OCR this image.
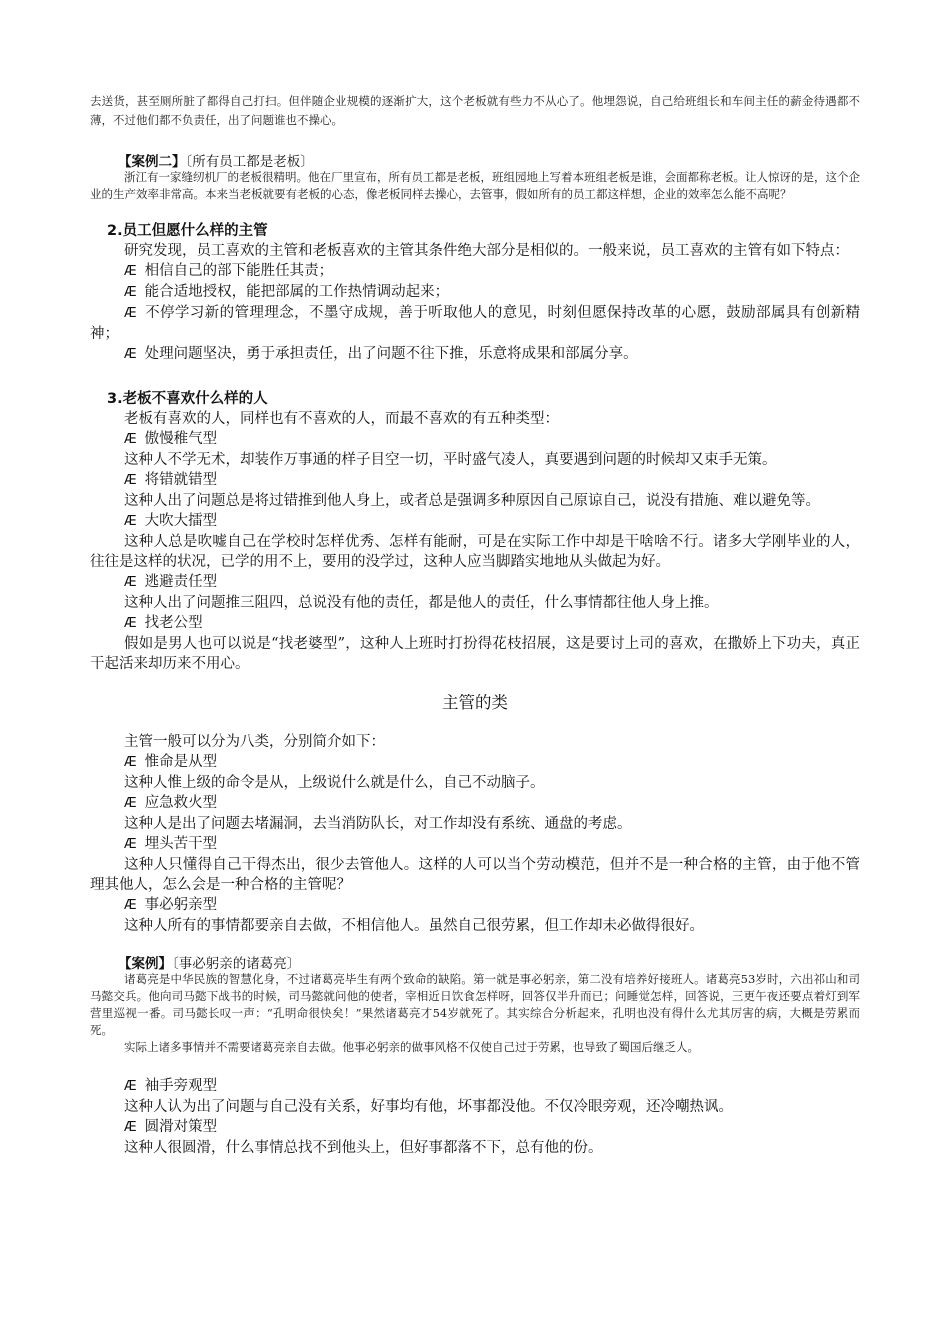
去送货，甚至厕所脏了都得自己打扫。但伴随企业规模的逐渐扩大，这个老板就有些力不从心了。他埋怨说，自己给班组长和车间主任的薪金待遇都不薄，不过他们都不负责任，出了问题谁也不操心。
【案例二】〔所有员工都是老板〕
浙江有一家缝纫机厂的老板很精明。他在厂里宣布，所有员工都是老板，班组园地上写着本班组老板是谁，会面都称老板。让人惊讶的是，这个企业的生产效率非常高。本来当老板就要有老板的心态，像老板同样去操心，去管事，假如所有的员工都这样想，企业的效率怎么能不高呢？
2.员工但愿什么样的主管
研究发现，员工喜欢的主管和老板喜欢的主管其条件绝大部分是相似的。一般来说，员工喜欢的主管有如下特点：
Æ 相信自己的部下能胜任其责；
Æ 能合适地授权，能把部属的工作热情调动起来；
Æ 不停学习新的管理理念，不墨守成规，善于听取他人的意见，时刻但愿保持改革的心愿，鼓励部属具有创新精神；
Æ 处理问题坚决，勇于承担责任，出了问题不往下推，乐意将成果和部属分享。
3.老板不喜欢什么样的人
老板有喜欢的人，同样也有不喜欢的人，而最不喜欢的有五种类型：
Æ 傲慢稚气型
这种人不学无术，却装作万事通的样子目空一切，平时盛气凌人，真要遇到问题的时候却又束手无策。
Æ 将错就错型
这种人出了问题总是将过错推到他人身上，或者总是强调多种原因自己原谅自己，说没有措施、难以避免等。
Æ 大吹大擂型
这种人总是吹嘘自己在学校时怎样优秀、怎样有能耐，可是在实际工作中却是干啥啥不行。诸多大学刚毕业的人，往往是这样的状况，已学的用不上，要用的没学过，这种人应当脚踏实地地从头做起为好。
Æ 逃避责任型
这种人出了问题推三阻四，总说没有他的责任，都是他人的责任，什么事情都往他人身上推。
Æ 找老公型
假如是男人也可以说是“找老婆型”，这种人上班时打扮得花枝招展，这是要讨上司的喜欢，在撒娇上下功夫，真正干起活来却历来不用心。
主管的类
主管一般可以分为八类，分别简介如下：
Æ 惟命是从型
这种人惟上级的命令是从，上级说什么就是什么，自己不动脑子。
Æ 应急救火型
这种人是出了问题去堵漏洞，去当消防队长，对工作却没有系统、通盘的考虑。
Æ 埋头苦干型
这种人只懂得自己干得杰出，很少去管他人。这样的人可以当个劳动模范，但并不是一种合格的主管，由于他不管理其他人，怎么会是一种合格的主管呢？
Æ 事必躬亲型
这种人所有的事情都要亲自去做，不相信他人。虽然自己很劳累，但工作却未必做得很好。
【案例】〔事必躬亲的诸葛亮〕
诸葛亮是中华民族的智慧化身，不过诸葛亮毕生有两个致命的缺陷。第一就是事必躬亲，第二没有培养好接班人。诸葛亮53岁时，六出祁山和司马懿交兵。他向司马懿下战书的时候，司马懿就问他的使者，宰相近日饮食怎样呀，回答仅半升而已；问睡觉怎样，回答说，三更午夜还要点着灯到军营里巡视一番。司马懿长叹一声：“孔明命很快矣！”果然诸葛亮才54岁就死了。其实综合分析起来，孔明也没有得什么尤其厉害的病，大概是劳累而死。
实际上诸多事情并不需要诸葛亮亲自去做。他事必躬亲的做事风格不仅使自己过于劳累，也导致了蜀国后继乏人。
Æ 袖手旁观型
这种人认为出了问题与自己没有关系，好事均有他，坏事都没他。不仅冷眼旁观，还冷嘲热讽。
Æ 圆滑对策型
这种人很圆滑，什么事情总找不到他头上，但好事都落不下，总有他的份。
